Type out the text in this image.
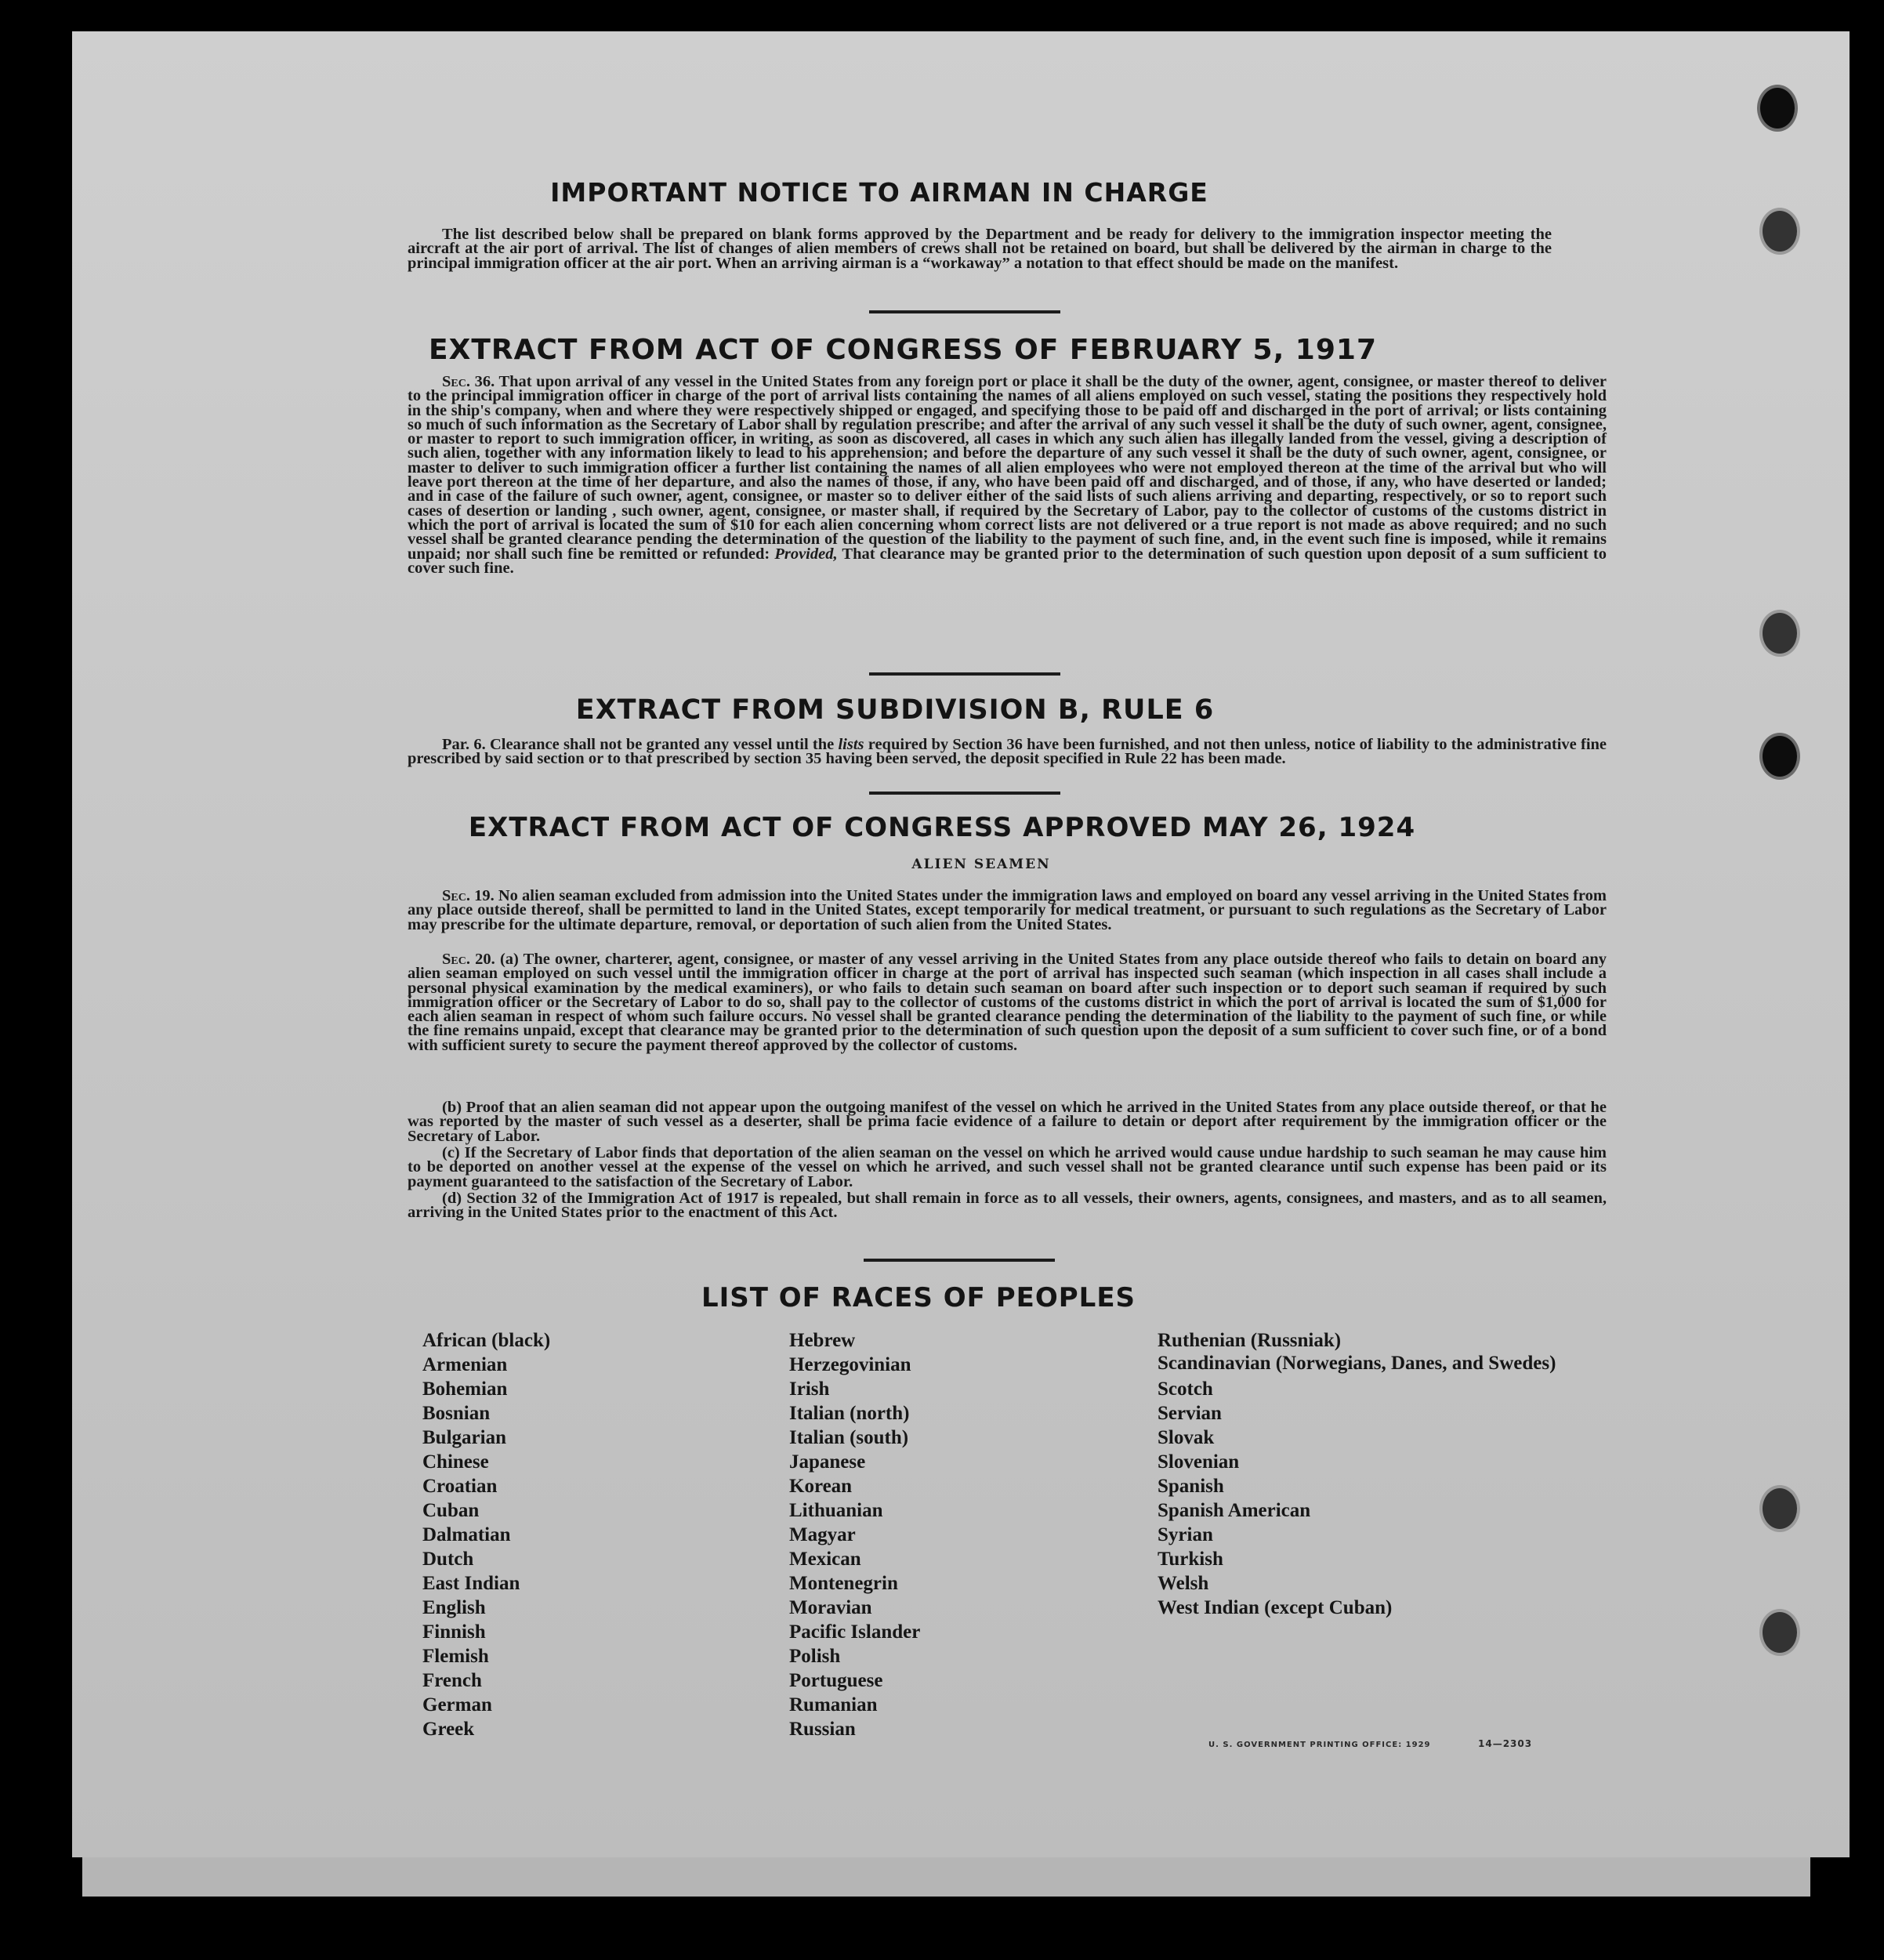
IMPORTANT NOTICE TO AIRMAN IN CHARGE
The list described below shall be prepared on blank forms approved by the Department and be ready for delivery to the immigration inspector meeting the aircraft at the air port of arrival. The list of changes of alien members of crews shall not be retained on board, but shall be delivered by the airman in charge to the principal immigration officer at the air port. When an arriving airman is a “workaway” a notation to that effect should be made on the manifest.
EXTRACT FROM ACT OF CONGRESS OF FEBRUARY 5, 1917
Sec. 36. That upon arrival of any vessel in the United States from any foreign port or place it shall be the duty of the owner, agent, consignee, or master thereof to deliver to the principal immigration officer in charge of the port of arrival lists containing the names of all aliens employed on such vessel, stating the positions they respectively hold in the ship's company, when and where they were respectively shipped or engaged, and specifying those to be paid off and discharged in the port of arrival; or lists containing so much of such information as the Secretary of Labor shall by regulation prescribe; and after the arrival of any such vessel it shall be the duty of such owner, agent, consignee, or master to report to such immigration officer, in writing, as soon as discovered, all cases in which any such alien has illegally landed from the vessel, giving a description of such alien, together with any information likely to lead to his apprehension; and before the departure of any such vessel it shall be the duty of such owner, agent, consignee, or master to deliver to such immigration officer a further list containing the names of all alien employees who were not employed thereon at the time of the arrival but who will leave port thereon at the time of her departure, and also the names of those, if any, who have been paid off and discharged, and of those, if any, who have deserted or landed; and in case of the failure of such owner, agent, consignee, or master so to deliver either of the said lists of such aliens arriving and departing, respectively, or so to report such cases of desertion or landing , such owner, agent, consignee, or master shall, if required by the Secretary of Labor, pay to the collector of customs of the customs district in which the port of arrival is located the sum of $10 for each alien concerning whom correct lists are not delivered or a true report is not made as above required; and no such vessel shall be granted clearance pending the determination of the question of the liability to the payment of such fine, and, in the event such fine is imposed, while it remains unpaid; nor shall such fine be remitted or refunded: Provided, That clearance may be granted prior to the determination of such question upon deposit of a sum sufficient to cover such fine.
EXTRACT FROM SUBDIVISION B, RULE 6
Par. 6. Clearance shall not be granted any vessel until the lists required by Section 36 have been furnished, and not then unless, notice of liability to the administrative fine prescribed by said section or to that prescribed by section 35 having been served, the deposit specified in Rule 22 has been made.
EXTRACT FROM ACT OF CONGRESS APPROVED MAY 26, 1924
ALIEN SEAMEN
Sec. 19. No alien seaman excluded from admission into the United States under the immigration laws and employed on board any vessel arriving in the United States from any place outside thereof, shall be permitted to land in the United States, except temporarily for medical treatment, or pursuant to such regulations as the Secretary of Labor may prescribe for the ultimate departure, removal, or deportation of such alien from the United States.
Sec. 20. (a) The owner, charterer, agent, consignee, or master of any vessel arriving in the United States from any place outside thereof who fails to detain on board any alien seaman employed on such vessel until the immigration officer in charge at the port of arrival has inspected such seaman (which inspection in all cases shall include a personal physical examination by the medical examiners), or who fails to detain such seaman on board after such inspection or to deport such seaman if required by such immigration officer or the Secretary of Labor to do so, shall pay to the collector of customs of the customs district in which the port of arrival is located the sum of $1,000 for each alien seaman in respect of whom such failure occurs. No vessel shall be granted clearance pending the determination of the liability to the payment of such fine, or while the fine remains unpaid, except that clearance may be granted prior to the determination of such question upon the deposit of a sum sufficient to cover such fine, or of a bond with sufficient surety to secure the payment thereof approved by the collector of customs.
(b) Proof that an alien seaman did not appear upon the outgoing manifest of the vessel on which he arrived in the United States from any place outside thereof, or that he was reported by the master of such vessel as a deserter, shall be prima facie evidence of a failure to detain or deport after requirement by the immigration officer or the Secretary of Labor.
(c) If the Secretary of Labor finds that deportation of the alien seaman on the vessel on which he arrived would cause undue hardship to such seaman he may cause him to be deported on another vessel at the expense of the vessel on which he arrived, and such vessel shall not be granted clearance until such expense has been paid or its payment guaranteed to the satisfaction of the Secretary of Labor.
(d) Section 32 of the Immigration Act of 1917 is repealed, but shall remain in force as to all vessels, their owners, agents, consignees, and masters, and as to all seamen, arriving in the United States prior to the enactment of this Act.
LIST OF RACES OF PEOPLES
African (black)
Armenian
Bohemian
Bosnian
Bulgarian
Chinese
Croatian
Cuban
Dalmatian
Dutch
East Indian
English
Finnish
Flemish
French
German
Greek
Hebrew
Herzegovinian
Irish
Italian (north)
Italian (south)
Japanese
Korean
Lithuanian
Magyar
Mexican
Montenegrin
Moravian
Pacific Islander
Polish
Portuguese
Rumanian
Russian
Ruthenian (Russniak)
Scandinavian (Norwegians, Danes, and Swedes)
Scotch
Servian
Slovak
Slovenian
Spanish
Spanish American
Syrian
Turkish
Welsh
West Indian (except Cuban)
U. S. GOVERNMENT PRINTING OFFICE: 1929	14—2303
